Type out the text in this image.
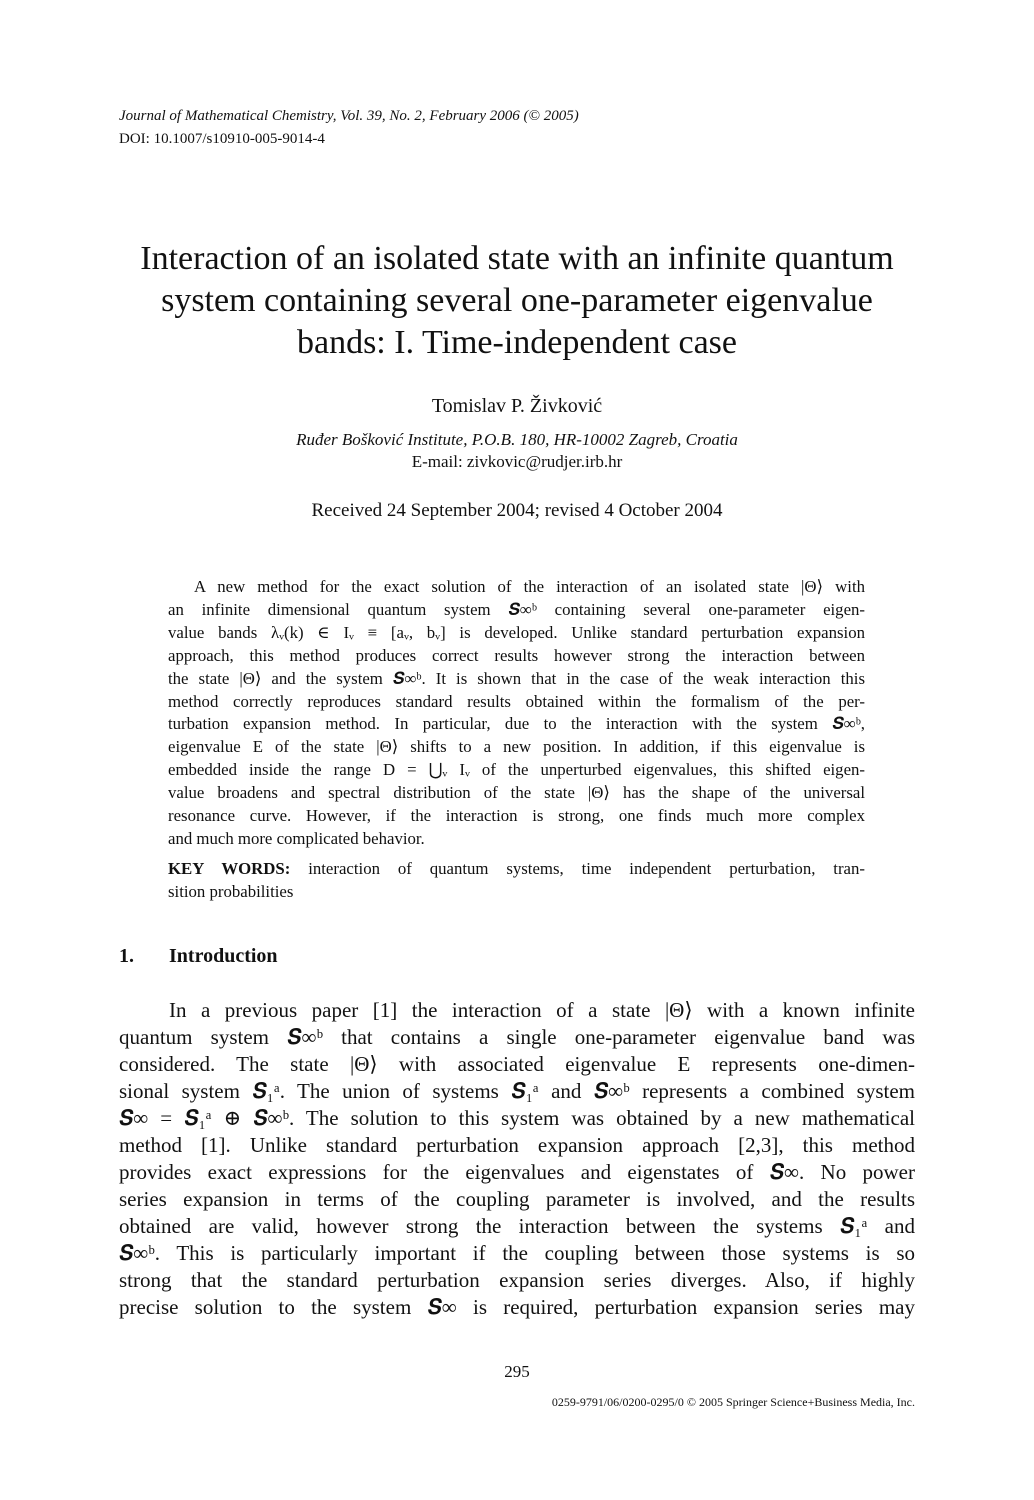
Journal of Mathematical Chemistry, Vol. 39, No. 2, February 2006 (© 2005)
DOI: 10.1007/s10910-005-9014-4
Interaction of an isolated state with an infinite quantum
system containing several one-parameter eigenvalue
bands: I. Time-independent case
Tomislav P. Živković
Ruđer Bošković Institute, P.O.B. 180, HR-10002 Zagreb, Croatia
E-mail: zivkovic@rudjer.irb.hr
Received 24 September 2004; revised 4 October 2004
A new method for the exact solution of the interaction of an isolated state |Θ⟩ with
an infinite dimensional quantum system 𝑺∞ᵇ containing several one-parameter eigen-
value bands λᵥ(k) ∈ Iᵥ ≡ [aᵥ, bᵥ] is developed. Unlike standard perturbation expansion
approach, this method produces correct results however strong the interaction between
the state |Θ⟩ and the system 𝑺∞ᵇ. It is shown that in the case of the weak interaction this
method correctly reproduces standard results obtained within the formalism of the per-
turbation expansion method. In particular, due to the interaction with the system 𝑺∞ᵇ,
eigenvalue E of the state |Θ⟩ shifts to a new position. In addition, if this eigenvalue is
embedded inside the range D = ⋃ᵥ Iᵥ of the unperturbed eigenvalues, this shifted eigen-
value broadens and spectral distribution of the state |Θ⟩ has the shape of the universal
resonance curve. However, if the interaction is strong, one finds much more complex
and much more complicated behavior.
KEY WORDS: interaction of quantum systems, time independent perturbation, tran-
sition probabilities
1. Introduction
In a previous paper [1] the interaction of a state |Θ⟩ with a known infinite
quantum system 𝑺∞ᵇ that contains a single one-parameter eigenvalue band was
considered. The state |Θ⟩ with associated eigenvalue E represents one-dimen-
sional system 𝑺₁ᵃ. The union of systems 𝑺₁ᵃ and 𝑺∞ᵇ represents a combined system
𝑺∞ = 𝑺₁ᵃ ⊕ 𝑺∞ᵇ. The solution to this system was obtained by a new mathematical
method [1]. Unlike standard perturbation expansion approach [2,3], this method
provides exact expressions for the eigenvalues and eigenstates of 𝑺∞. No power
series expansion in terms of the coupling parameter is involved, and the results
obtained are valid, however strong the interaction between the systems 𝑺₁ᵃ and
𝑺∞ᵇ. This is particularly important if the coupling between those systems is so
strong that the standard perturbation expansion series diverges. Also, if highly
precise solution to the system 𝑺∞ is required, perturbation expansion series may
295
0259-9791/06/0200-0295/0 © 2005 Springer Science+Business Media, Inc.
